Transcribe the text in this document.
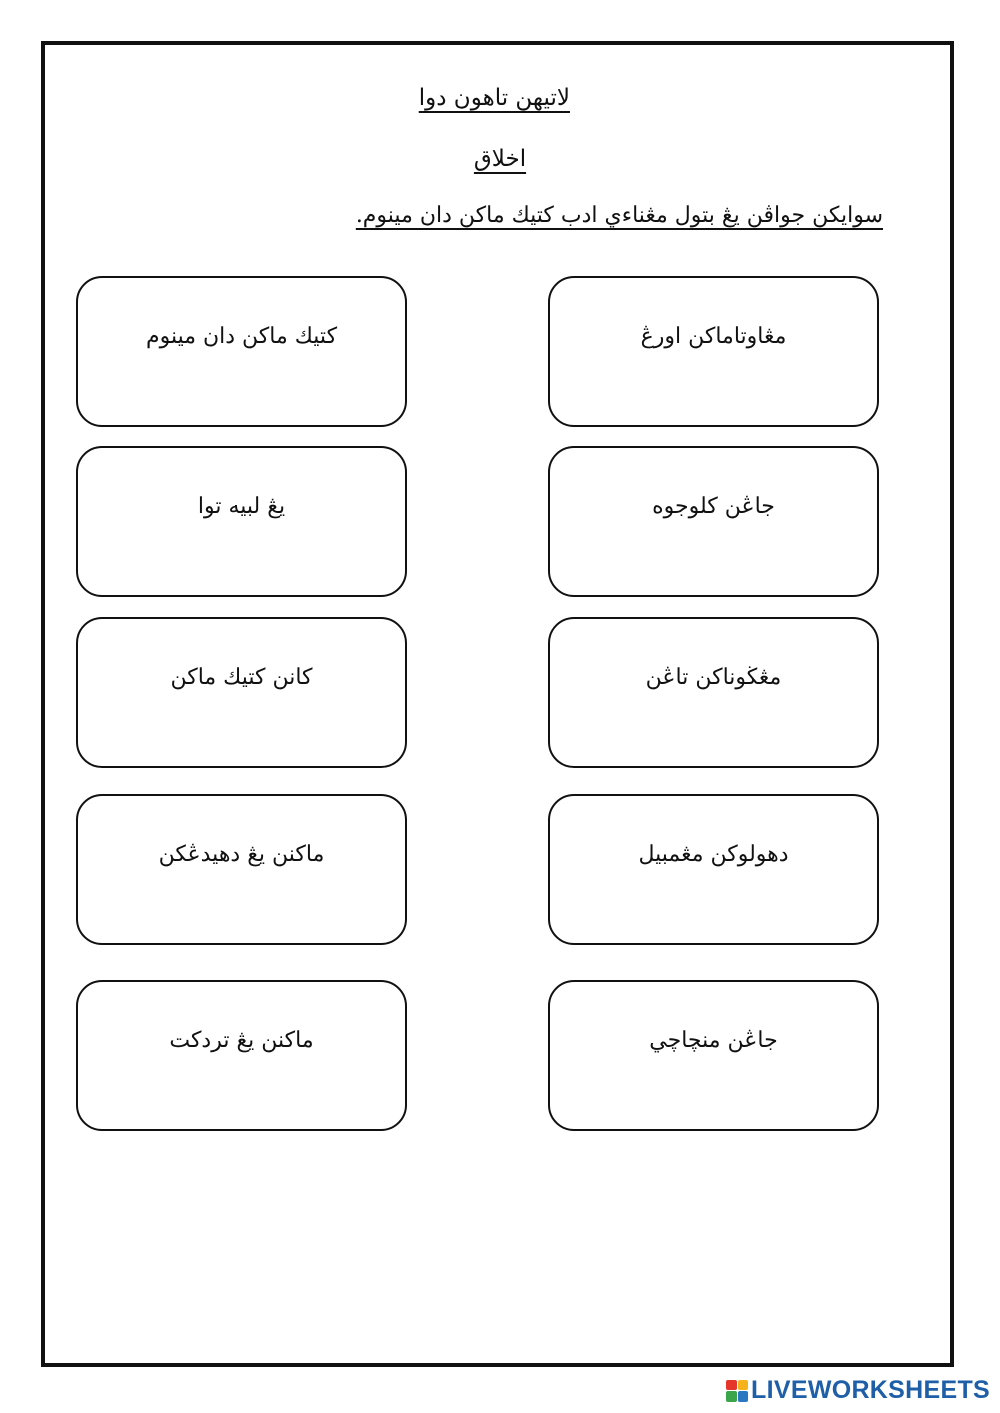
لاتيهن تاهون دوا
اخلاق

سوايكن جواڤن يڠ بتول مڠناءي ادب كتيك ماكن دان مينوم.

كتيك ماكن دان مينوم
يڠ لبيه توا
كانن كتيك ماكن
ماكنن يڠ دهيدڠكن
ماكنن يڠ تردكت
مڠاوتاماكن اورڠ
جاڠن كلوجوه
مڠڬوناكن تاڠن
دهولوكن مڠمبيل
جاڠن منچاچي
LIVEWORKSHEETS
